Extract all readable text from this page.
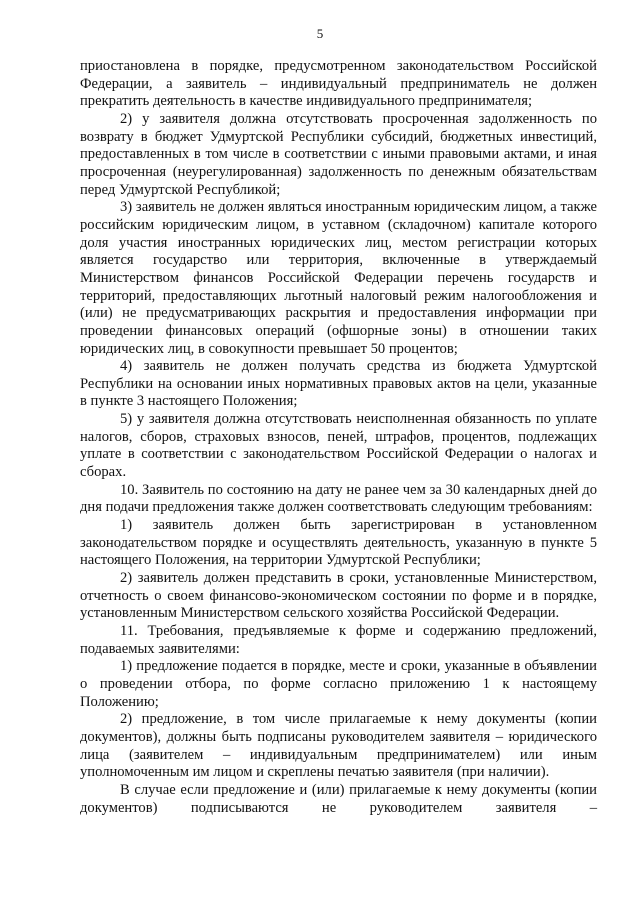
5

приостановлена в порядке, предусмотренном законодательством Российской Федерации, а заявитель – индивидуальный предприниматель не должен прекратить деятельность в качестве индивидуального предпринимателя;

2) у заявителя должна отсутствовать просроченная задолженность по возврату в бюджет Удмуртской Республики субсидий, бюджетных инвестиций, предоставленных в том числе в соответствии с иными правовыми актами, и иная просроченная (неурегулированная) задолженность по денежным обязательствам перед Удмуртской Республикой;

3) заявитель не должен являться иностранным юридическим лицом, а также российским юридическим лицом, в уставном (складочном) капитале которого доля участия иностранных юридических лиц, местом регистрации которых является государство или территория, включенные в утверждаемый Министерством финансов Российской Федерации перечень государств и территорий, предоставляющих льготный налоговый режим налогообложения и (или) не предусматривающих раскрытия и предоставления информации при проведении финансовых операций (офшорные зоны) в отношении таких юридических лиц, в совокупности превышает 50 процентов;

4) заявитель не должен получать средства из бюджета Удмуртской Республики на основании иных нормативных правовых актов на цели, указанные в пункте 3 настоящего Положения;

5) у заявителя должна отсутствовать неисполненная обязанность по уплате налогов, сборов, страховых взносов, пеней, штрафов, процентов, подлежащих уплате в соответствии с законодательством Российской Федерации о налогах и сборах.

10. Заявитель по состоянию на дату не ранее чем за 30 календарных дней до дня подачи предложения также должен соответствовать следующим требованиям:

1) заявитель должен быть зарегистрирован в установленном законодательством порядке и осуществлять деятельность, указанную в пункте 5 настоящего Положения, на территории Удмуртской Республики;

2) заявитель должен представить в сроки, установленные Министерством, отчетность о своем финансово-экономическом состоянии по форме и в порядке, установленным Министерством сельского хозяйства Российской Федерации.

11. Требования, предъявляемые к форме и содержанию предложений, подаваемых заявителями:

1) предложение подается в порядке, месте и сроки, указанные в объявлении о проведении отбора, по форме согласно приложению 1 к настоящему Положению;

2) предложение, в том числе прилагаемые к нему документы (копии документов), должны быть подписаны руководителем заявителя – юридического лица (заявителем – индивидуальным предпринимателем) или иным уполномоченным им лицом и скреплены печатью заявителя (при наличии).

В случае если предложение и (или) прилагаемые к нему документы (копии документов) подписываются не руководителем заявителя –
